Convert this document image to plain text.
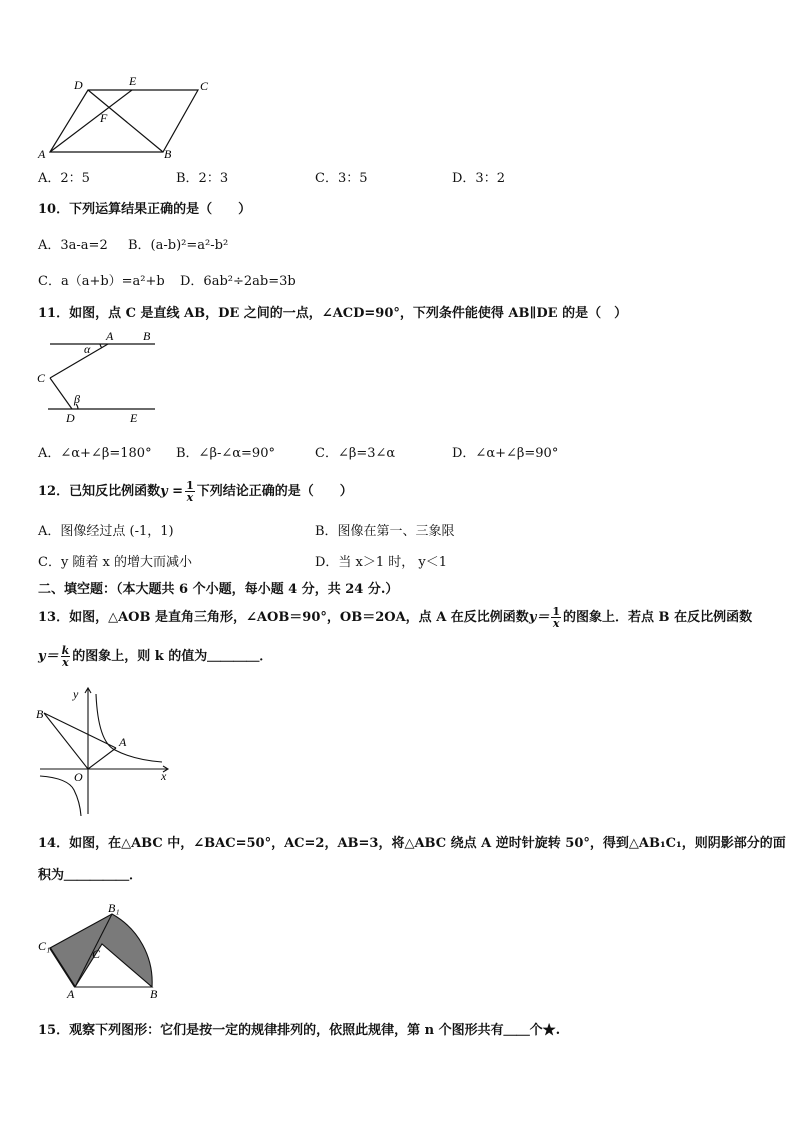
A
D	E	C
F
B
A．2：5	B．2：3	C．3：5	D．3：2
10．下列运算结果正确的是（　　）
A．3a-a=2 B．(a-b)²=a²-b²
C．a（a+b）=a²+b D．6ab²÷2ab=3b
11．如图，点 C 是直线 AB，DE 之间的一点，∠ACD=90°，下列条件能使得 AB∥DE 的是（　）
A B
α
C
β
D	E
A．∠α+∠β=180° B．∠β-∠α=90°	C．∠β=3∠α	D．∠α+∠β=90°
12．已知反比例函数$y = \frac{1}{x}$ 下列结论正确的是（　　）
A．图像经过点 (-1，1)	B．图像在第一、三象限
C．y 随着 x 的增大而减小	D．当 x＞1 时， y＜1
二、填空题：（本大题共 6 个小题，每小题 4 分，共 24 分.）
13．如图，△AOB 是直角三角形，∠AOB＝90°，OB＝2OA，点 A 在反比例函数$y= \frac{1}{x}$ 的图象上．若点 B 在反比例函数
$y= \frac{k}{x}$ 的图象上，则 k 的值为＿＿＿＿．
y
x
B
A
O
14．如图，在△ABC 中，∠BAC=50°，AC=2，AB=3，将△ABC 绕点 A 逆时针旋转 50°，得到△AB₁C₁，则阴影部分的面
积为＿＿＿＿＿．
B₁
C₁
C
A	B
15．观察下列图形：它们是按一定的规律排列的，依照此规律，第 n 个图形共有＿＿个★.
